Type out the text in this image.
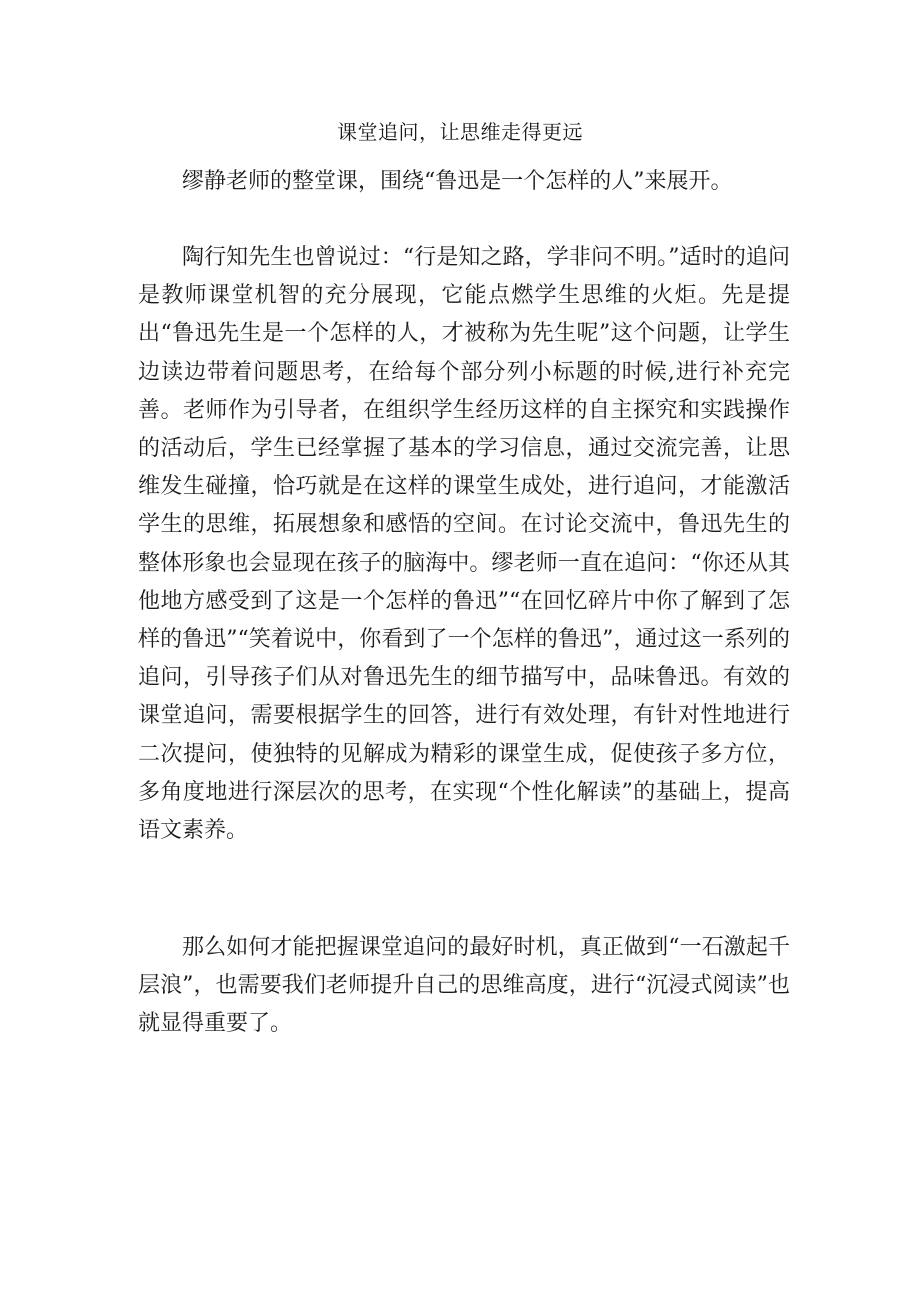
课堂追问，让思维走得更远

缪静老师的整堂课，围绕“鲁迅是一个怎样的人”来展开。

陶行知先生也曾说过：“行是知之路，学非问不明。”适时的追问是教师课堂机智的充分展现，它能点燃学生思维的火炬。先是提出“鲁迅先生是一个怎样的人，才被称为先生呢”这个问题，让学生边读边带着问题思考，在给每个部分列小标题的时候,进行补充完善。老师作为引导者，在组织学生经历这样的自主探究和实践操作的活动后，学生已经掌握了基本的学习信息，通过交流完善，让思维发生碰撞，恰巧就是在这样的课堂生成处，进行追问，才能激活学生的思维，拓展想象和感悟的空间。在讨论交流中，鲁迅先生的整体形象也会显现在孩子的脑海中。缪老师一直在追问：“你还从其他地方感受到了这是一个怎样的鲁迅”“在回忆碎片中你了解到了怎样的鲁迅”“笑着说中，你看到了一个怎样的鲁迅”，通过这一系列的追问，引导孩子们从对鲁迅先生的细节描写中，品味鲁迅。有效的课堂追问，需要根据学生的回答，进行有效处理，有针对性地进行二次提问，使独特的见解成为精彩的课堂生成，促使孩子多方位，多角度地进行深层次的思考，在实现“个性化解读”的基础上，提高语文素养。

那么如何才能把握课堂追问的最好时机，真正做到“一石激起千层浪”，也需要我们老师提升自己的思维高度，进行“沉浸式阅读”也就显得重要了。
